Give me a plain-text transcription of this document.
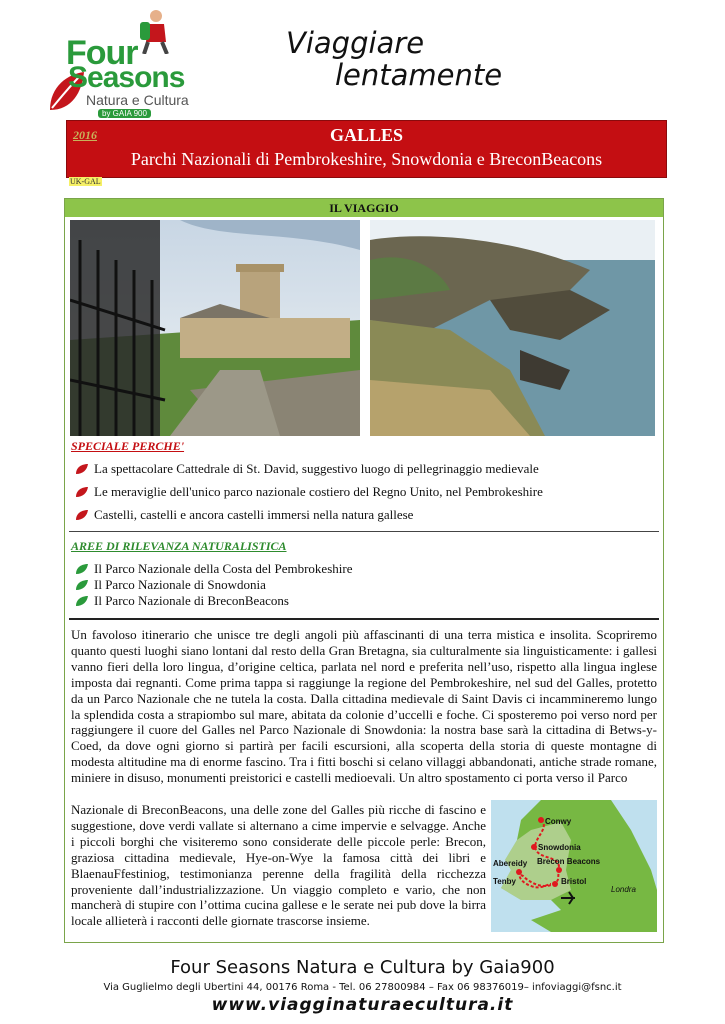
Four
Seasons
Natura e Cultura
by GAIA 900
Viaggiare
lentamente
2016	GALLES
Parchi Nazionali di Pembrokeshire, Snowdonia e BreconBeacons
UK-GAL
IL VIAGGIO
SPECIALE PERCHE'
La spettacolare Cattedrale di St. David, suggestivo luogo di pellegrinaggio medievale
Le meraviglie dell'unico parco nazionale costiero del Regno Unito, nel Pembrokeshire
Castelli, castelli e ancora castelli immersi nella natura gallese
AREE DI RILEVANZA NATURALISTICA
Il Parco Nazionale della Costa del Pembrokeshire
Il Parco Nazionale di Snowdonia
Il Parco Nazionale di BreconBeacons
Un favoloso itinerario che unisce tre degli angoli più affascinanti di una terra mistica e insolita. Scopriremo quanto questi luoghi siano lontani dal resto della Gran Bretagna, sia culturalmente sia linguisticamente: i gallesi vanno fieri della loro lingua, d’origine celtica, parlata nel nord e preferita nell’uso, rispetto alla lingua inglese imposta dai regnanti. Come prima tappa si raggiunge la regione del Pembrokeshire, nel sud del Galles, protetto da un Parco Nazionale che ne tutela la costa. Dalla cittadina medievale di Saint Davis ci incammineremo lungo la splendida costa a strapiombo sul mare, abitata da colonie d’uccelli e foche. Ci sposteremo poi verso nord per raggiungere il cuore del Galles nel Parco Nazionale di Snowdonia: la nostra base sarà la cittadina di Betws-y-Coed, da dove ogni giorno si partirà per facili escursioni, alla scoperta della storia di queste montagne di modesta altitudine ma di enorme fascino. Tra i fitti boschi si celano villaggi abbandonati, antiche strade romane, miniere in disuso, monumenti preistorici e castelli medioevali. Un altro spostamento ci porta verso il Parco
Nazionale di BreconBeacons, una delle zone del Galles più ricche di fascino e suggestione, dove verdi vallate si alternano a cime impervie e selvagge. Anche i piccoli borghi che visiteremo sono considerate delle piccole perle: Brecon, graziosa cittadina medievale, Hye-on-Wye la famosa città dei libri e BlaenauFfestiniog, testimonianza perenne della fragilità della ricchezza proveniente dall’industrializzazione. Un viaggio completo e vario, che non mancherà di stupire con l’ottima cucina gallese e le serate nei pub dove la birra locale allieterà i racconti delle giornate trascorse insieme.
Conwy
Snowdonia
Abereidy Brecon Beacons
Tenby	Bristol
Londra
Four Seasons Natura e Cultura by Gaia900
Via Guglielmo degli Ubertini 44, 00176 Roma - Tel. 06 27800984 – Fax 06 98376019– infoviaggi@fsnc.it
www.viagginaturaecultura.it
